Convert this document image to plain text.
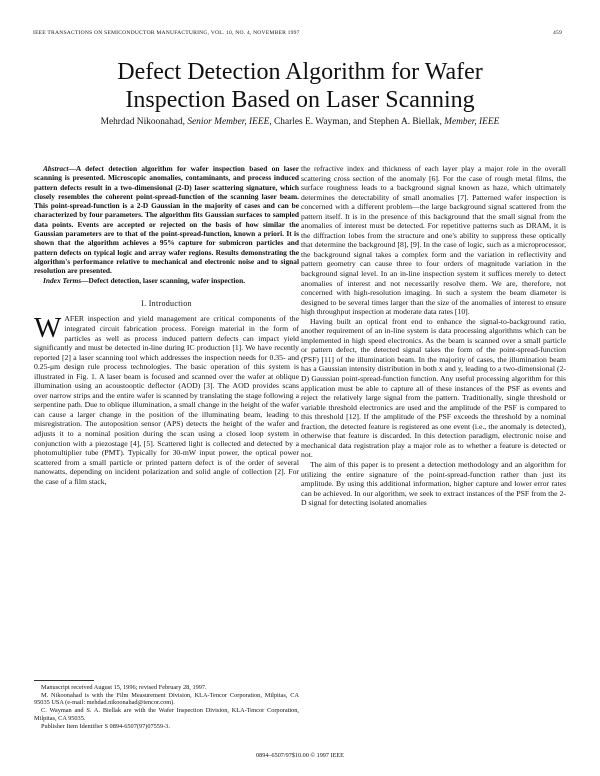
IEEE TRANSACTIONS ON SEMICONDUCTOR MANUFACTURING, VOL. 10, NO. 4, NOVEMBER 1997	459
Defect Detection Algorithm for Wafer
Inspection Based on Laser Scanning
Mehrdad Nikoonahad, Senior Member, IEEE, Charles E. Wayman, and Stephen A. Biellak, Member, IEEE

Abstract—A defect detection algorithm for wafer inspection based on laser scanning is presented. Microscopic anomalies, contaminants, and process induced pattern defects result in a two-dimensional (2-D) laser scattering signature, which closely resembles the coherent point-spread-function of the scanning laser beam. This point-spread-function is a 2-D Gaussian in the majority of cases and can be characterized by four parameters. The algorithm fits Gaussian surfaces to sampled data points. Events are accepted or rejected on the basis of how similar the Gaussian parameters are to that of the point-spread-function, known a priori. It is shown that the algorithm achieves a 95% capture for submicron particles and pattern defects on typical logic and array wafer regions. Results demonstrating the algorithm's performance relative to mechanical and electronic noise and to signal resolution are presented.

Index Terms—Defect detection, laser scanning, wafer inspection.

I. Introduction

WAFER inspection and yield management are critical components of the integrated circuit fabrication process. Foreign material in the form of particles as well as process induced pattern defects can impact yield significantly and must be detected in-line during IC production [1]. We have recently reported [2] a laser scanning tool which addresses the inspection needs for 0.35- and 0.25-μm design rule process technologies. The basic operation of this system is illustrated in Fig. 1. A laser beam is focused and scanned over the wafer at oblique illumination using an acoustooptic deflector (AOD) [3]. The AOD provides scans over narrow strips and the entire wafer is scanned by translating the stage following a serpentine path. Due to oblique illumination, a small change in the height of the wafer can cause a larger change in the position of the illuminating beam, leading to misregistration. The autoposition sensor (APS) detects the height of the wafer and adjusts it to a nominal position during the scan using a closed loop system in conjunction with a piezostage [4], [5]. Scattered light is collected and detected by a photomultiplier tube (PMT). Typically for 30-mW input power, the optical power scattered from a small particle or printed pattern defect is of the order of several nanowatts, depending on incident polarization and solid angle of collection [2]. For the case of a film stack,

Manuscript received August 15, 1996; revised February 28, 1997.

M. Nikoonahad is with the Film Measurement Division, KLA-Tencor Corporation, Milpitas, CA 95035 USA (e-mail: mehdad.nikoonahad@tencor.com).

C. Wayman and S. A. Biellak are with the Wafer Inspection Division, KLA-Tencor Corporation, Milpitas, CA 95035.

Publisher Item Identifier S 0894-6507(97)07559-3.

the refractive index and thickness of each layer play a major role in the overall scattering cross section of the anomaly [6]. For the case of rough metal films, the surface roughness leads to a background signal known as haze, which ultimately determines the detectability of small anomalies [7]. Patterned wafer inspection is concerned with a different problem—the large background signal scattered from the pattern itself. It is in the presence of this background that the small signal from the anomalies of interest must be detected. For repetitive patterns such as DRAM, it is the diffraction lobes from the structure and one's ability to suppress these optically that determine the background [8], [9]. In the case of logic, such as a microprocessor, the background signal takes a complex form and the variation in reflectivity and pattern geometry can cause three to four orders of magnitude variation in the background signal level. In an in-line inspection system it suffices merely to detect anomalies of interest and not necessarily resolve them. We are, therefore, not concerned with high-resolution imaging. In such a system the beam diameter is designed to be several times larger than the size of the anomalies of interest to ensure high throughput inspection at moderate data rates [10].

Having built an optical front end to enhance the signal-to-background ratio, another requirement of an in-line system is data processing algorithms which can be implemented in high speed electronics. As the beam is scanned over a small particle or pattern defect, the detected signal takes the form of the point-spread-function (PSF) [11] of the illumination beam. In the majority of cases, the illumination beam has a Gaussian intensity distribution in both x and y, leading to a two-dimensional (2-D) Gaussian point-spread-function function. Any useful processing algorithm for this application must be able to capture all of these instances of the PSF as events and reject the relatively large signal from the pattern. Traditionally, single threshold or variable threshold electronics are used and the amplitude of the PSF is compared to this threshold [12]. If the amplitude of the PSF exceeds the threshold by a nominal fraction, the detected feature is registered as one event (i.e., the anomaly is detected), otherwise that feature is discarded. In this detection paradigm, electronic noise and mechanical data registration play a major role as to whether a feature is detected or not.

The aim of this paper is to present a detection methodology and an algorithm for utilizing the entire signature of the point-spread-function rather than just its amplitude. By using this additional information, higher capture and lower error rates can be achieved. In our algorithm, we seek to extract instances of the PSF from the 2-D signal for detecting isolated anomalies

0894–6507/97$10.00 © 1997 IEEE
